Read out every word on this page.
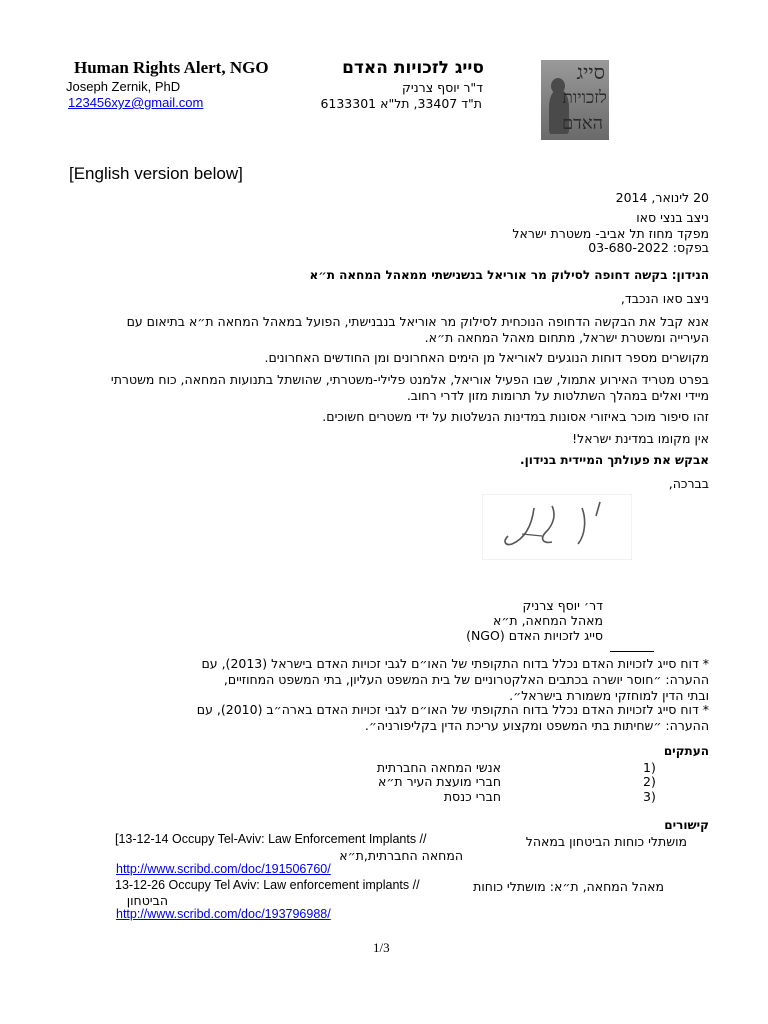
Human Rights Alert, NGO
Joseph Zernik, PhD
123456xyz@gmail.com
סייג לזכויות האדם
ד"ר יוסף צרניק
ת"ד 33407, תל"א 6133301
סייג
לזכויות
האדם
[English version below]
20 לינואר, 2014
ניצב בנצי סאו
מפקד מחוז תל אביב- משטרת ישראל
בפקס: 03-680-2022
הנידון: בקשה דחופה לסילוק מר אוריאל בנשנישתי ממאהל המחאה ת״א
ניצב סאו הנכבד,
אנא קבל את הבקשה הדחופה הנוכחית לסילוק מר אוריאל בנבנישתי, הפועל במאהל המחאה ת״א בתיאום עם העירייה ומשטרת ישראל, מתחום מאהל המחאה ת״א.
מקושרים מספר דוחות הנוגעים לאוריאל מן הימים האחרונים ומן החודשים האחרונים.
בפרט מטריד האירוע אתמול, שבו הפעיל אוריאל, אלמנט פלילי-משטרתי, שהושתל בתנועות המחאה, כוח משטרתי מיידי ואלים במהלך השתלטות על תרומות מזון לדרי רחוב.
זהו סיפור מוכר באיזורי אסונות במדינות הנשלטות על ידי משטרים חשוכים.
אין מקומו במדינת ישראל!
אבקש את פעולתך המיידית בנידון.
בברכה,
דר׳ יוסף צרניק
מאהל המחאה, ת״א
סייג לזכויות האדם (NGO)
* דוח סייג לזכויות האדם נכלל בדוח התקופתי של האו״ם לגבי זכויות האדם בישראל (2013), עם
ההערה: ״חוסר יושרה בכתבים האלקטרוניים של בית המשפט העליון, בתי המשפט המחוזיים,
ובתי הדין למוחזקי משמורת בישראל״.
* דוח סייג לזכויות האדם נכלל בדוח התקופתי של האו״ם לגבי זכויות האדם בארה״ב (2010), עם
ההערה: ״שחיתות בתי המשפט ומקצוע עריכת הדין בקליפורניה״.
העתקים
1)
אנשי המחאה החברתית
2)
חברי מועצת העיר ת״א
3)
חברי כנסת
קישורים
[13-12-14 Occupy Tel-Aviv: Law Enforcement Implants //	מושתלי כוחות הביטחון במאהל
המחאה החברתית,ת״א
http://www.scribd.com/doc/191506760/
13-12-26 Occupy Tel Aviv: Law enforcement implants //	מאהל המחאה, ת״א: מושתלי כוחות
הביטחון
http://www.scribd.com/doc/193796988/
1/3
